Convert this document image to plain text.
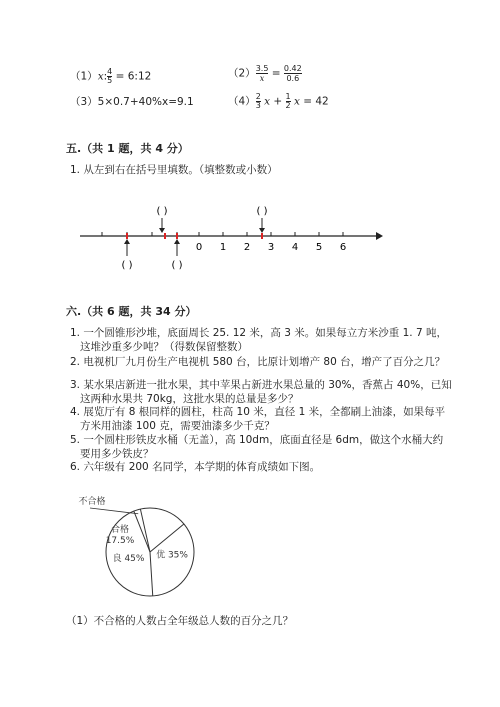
（1）x: $\frac{4}{5}$ = 6:12	$(2) \frac{3.5}{x} = \frac{0.42}{0.6}$
（3）5×0.7+40%x=9.1	$(4) \frac{2}{3}$ $x + \frac{1}{2}$ x = 42
五.（共 1 题，共 4 分）
1. 从左到右在括号里填数。（填整数或小数）
0 1 2 3 4 5 6
( )	( )
( )	( )
六.（共 6 题，共 34 分）
1. 一个圆锥形沙堆，底面周长 25. 12 米，高 3 米。如果每立方米沙重 1. 7 吨，
这堆沙重多少吨？（得数保留整数）
2. 电视机厂九月份生产电视机 580 台，比原计划增产 80 台，增产了百分之几？
3. 某水果店新进一批水果，其中苹果占新进水果总量的 30%，香蕉占 40%，已知
这两种水果共 70kg，这批水果的总量是多少？
4. 展览厅有 8 根同样的圆柱，柱高 10 米，直径 1 米，全都刷上油漆，如果每平
方米用油漆 100 克，需要油漆多少千克？
5. 一个圆柱形铁皮水桶（无盖），高 10dm，底面直径是 6dm，做这个水桶大约
要用多少铁皮？
6. 六年级有 200 名同学，本学期的体育成绩如下图。
不合格
合格
17.5%
优 35%
良 45%
（1）不合格的人数占全年级总人数的百分之几？
